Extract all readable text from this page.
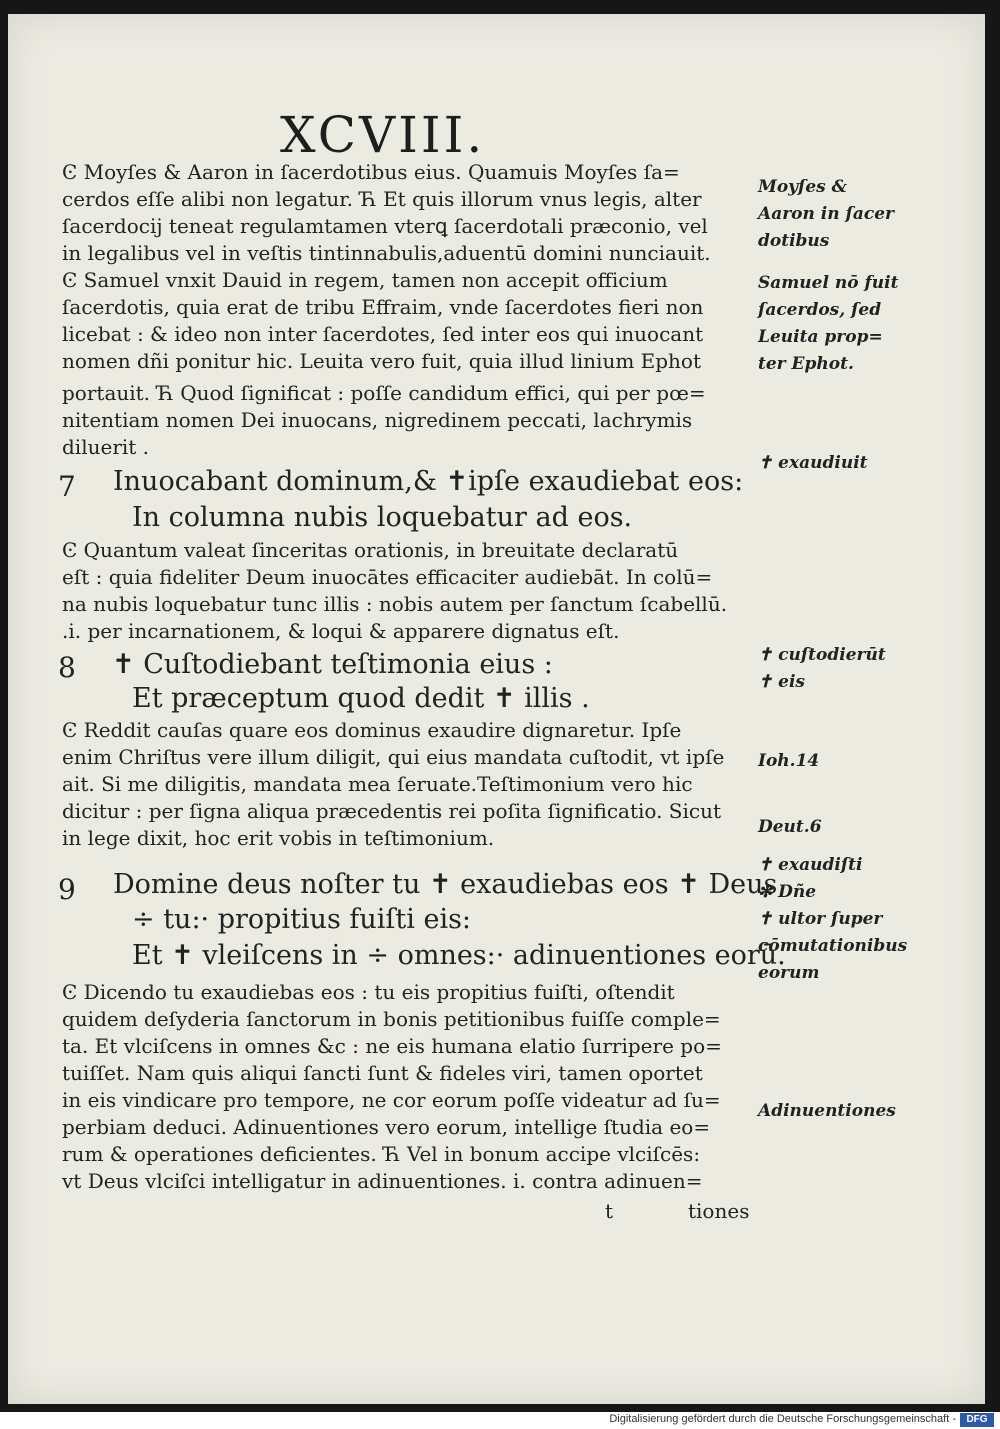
XCVIII.
Ͼ Moyſes & Aaron in ſacerdotibus eius. Quamuis Moyſes ſa=
cerdos eſſe alibi non legatur. Ћ Et quis illorum vnus legis, alter
ſacerdocij teneat regulamtamen vterꝗ ſacerdotali præconio, vel
in legalibus vel in veſtis tintinnabulis,aduentū domini nunciauit.
Ͼ Samuel vnxit Dauid in regem, tamen non accepit officium
ſacerdotis, quia erat de tribu Effraim, vnde ſacerdotes fieri non
licebat : & ideo non inter ſacerdotes, ſed inter eos qui inuocant
nomen dñi ponitur hic. Leuita vero fuit, quia illud linium Ephot
portauit. Ћ Quod ſignificat : poſſe candidum effici, qui per pœ=
nitentiam nomen Dei inuocans, nigredinem peccati, lachrymis
diluerit .
Inuocabant dominum,& ✝ipſe exaudiebat eos:
In columna nubis loquebatur ad eos.
Ͼ Quantum valeat ſinceritas orationis, in breuitate declaratū
eſt : quia fideliter Deum inuocātes efficaciter audiebāt. In colū=
na nubis loquebatur tunc illis : nobis autem per ſanctum ſcabellū.
.i. per incarnationem, & loqui & apparere dignatus eſt.
✝ Cuſtodiebant teſtimonia eius :
Et præceptum quod dedit ✝ illis .
Ͼ Reddit cauſas quare eos dominus exaudire dignaretur. Ipſe
enim Chriſtus vere illum diligit, qui eius mandata cuſtodit, vt ipſe
ait. Si me diligitis, mandata mea ſeruate.Teſtimonium vero hic
dicitur : per ſigna aliqua præcedentis rei poſita ſignificatio. Sicut
in lege dixit, hoc erit vobis in teſtimonium.
Domine deus noſter tu ✝ exaudiebas eos ✝ Deus
÷ tu:· propitius fuiſti eis:
Et ✝ vleiſcens in ÷ omnes:· adinuentiones eorū.
Ͼ Dicendo tu exaudiebas eos : tu eis propitius fuiſti, oſtendit
quidem deſyderia ſanctorum in bonis petitionibus fuiſſe comple=
ta. Et vlciſcens in omnes &c : ne eis humana elatio ſurripere po=
tuiſſet. Nam quis aliqui ſancti ſunt & fideles viri, tamen oportet
in eis vindicare pro tempore, ne cor eorum poſſe videatur ad ſu=
perbiam deduci. Adinuentiones vero eorum, intellige ſtudia eo=
rum & operationes deficientes. Ћ Vel in bonum accipe vlciſcēs:
vt Deus vlciſci intelligatur in adinuentiones. i. contra adinuen=
7
8
9
Moyſes &
Aaron in ſacer
dotibus
Samuel nō fuit
ſacerdos, ſed
Leuita prop=
ter Ephot.
✝ exaudiuit
✝ cuſtodierūt
✝ eis
Ioh.14
Deut.6
✝ exaudiſti
✻ Dñe
✝ ultor ſuper
cōmutationibus
eorum
Adinuentiones
t	tiones
Digitalisierung gefördert durch die Deutsche Forschungsgemeinschaft -	DFG
